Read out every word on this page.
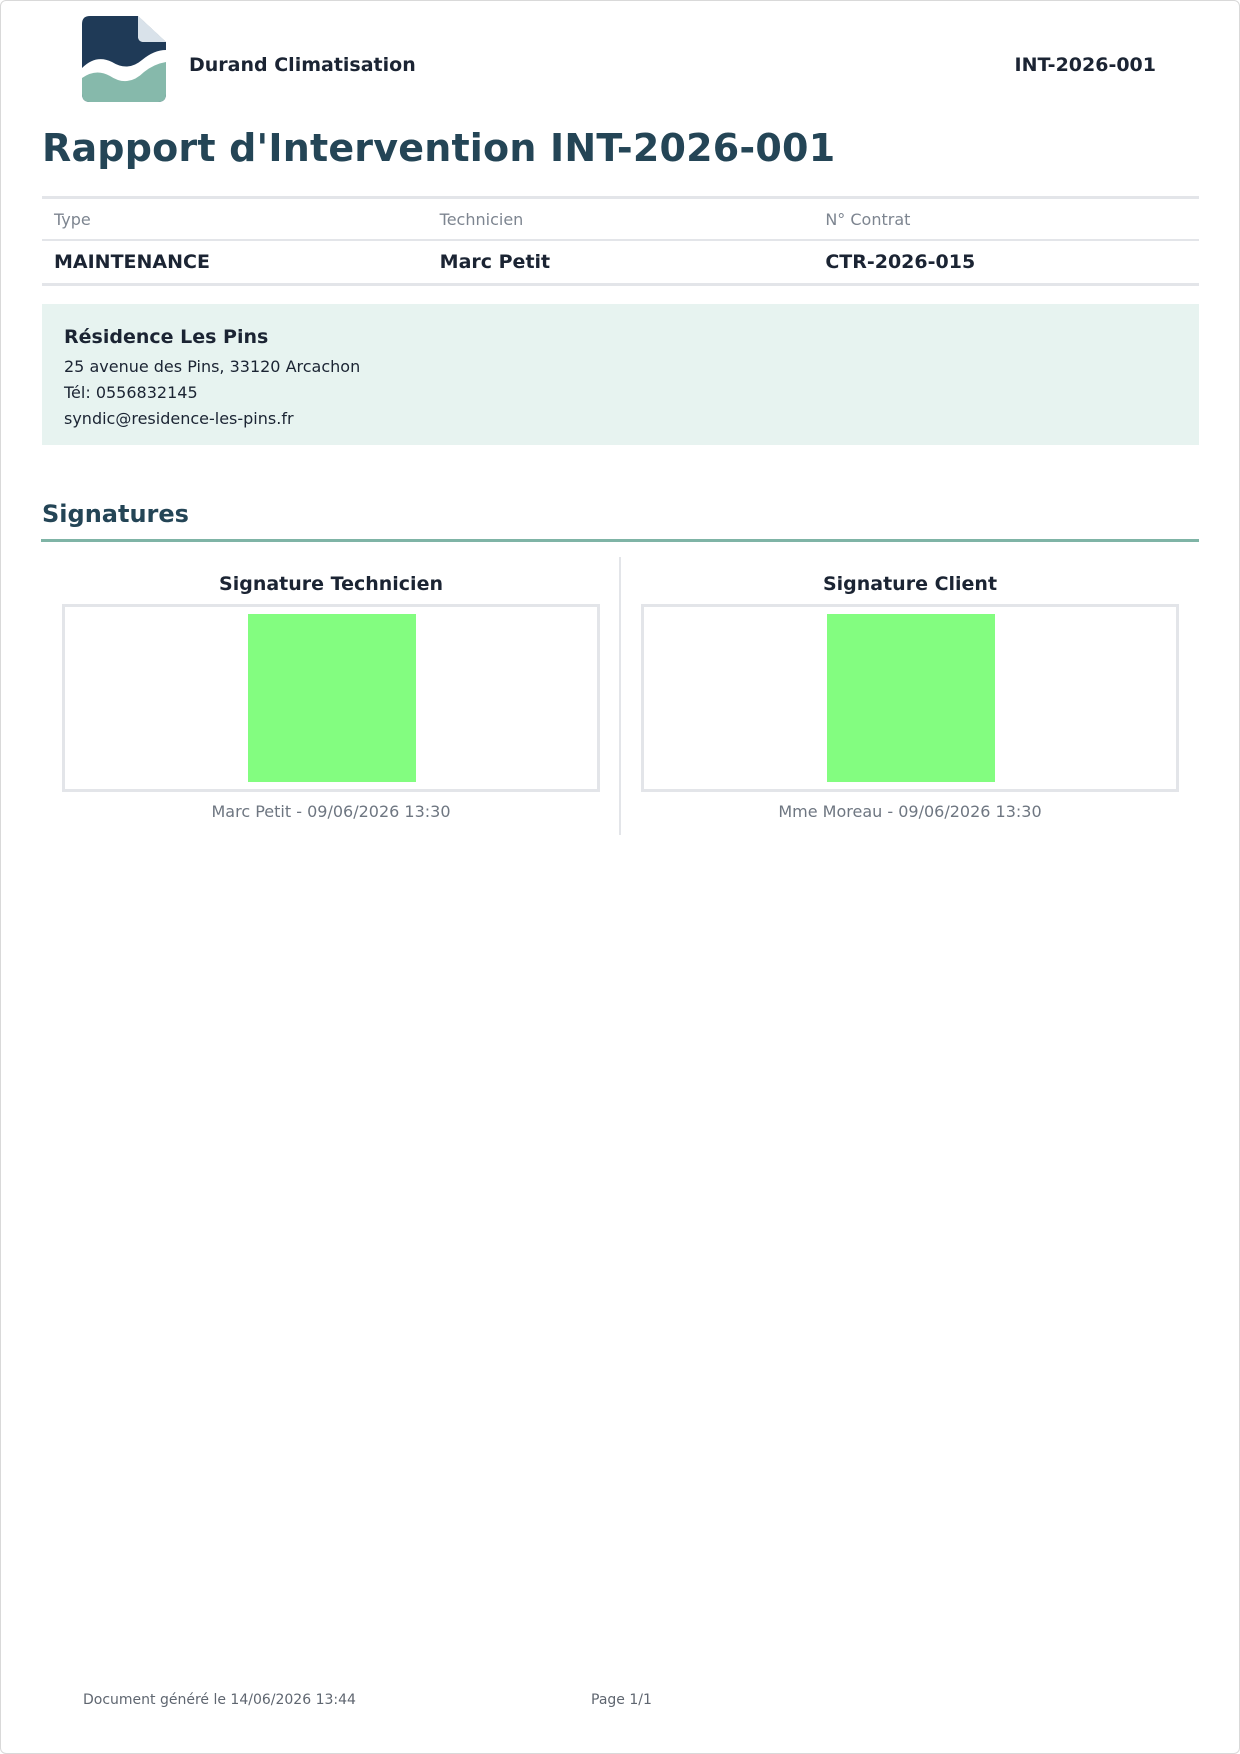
Durand Climatisation	INT-2026-001
Rapport d'Intervention INT-2026-001
Type	Technicien	N° Contrat
MAINTENANCE	Marc Petit	CTR-2026-015
Résidence Les Pins
25 avenue des Pins, 33120 Arcachon
Tél: 0556832145
syndic@residence-les-pins.fr
Signatures
Signature Technicien
Marc Petit - 09/06/2026 13:30
Signature Client
Mme Moreau - 09/06/2026 13:30
Document généré le 14/06/2026 13:44	Page 1/1
